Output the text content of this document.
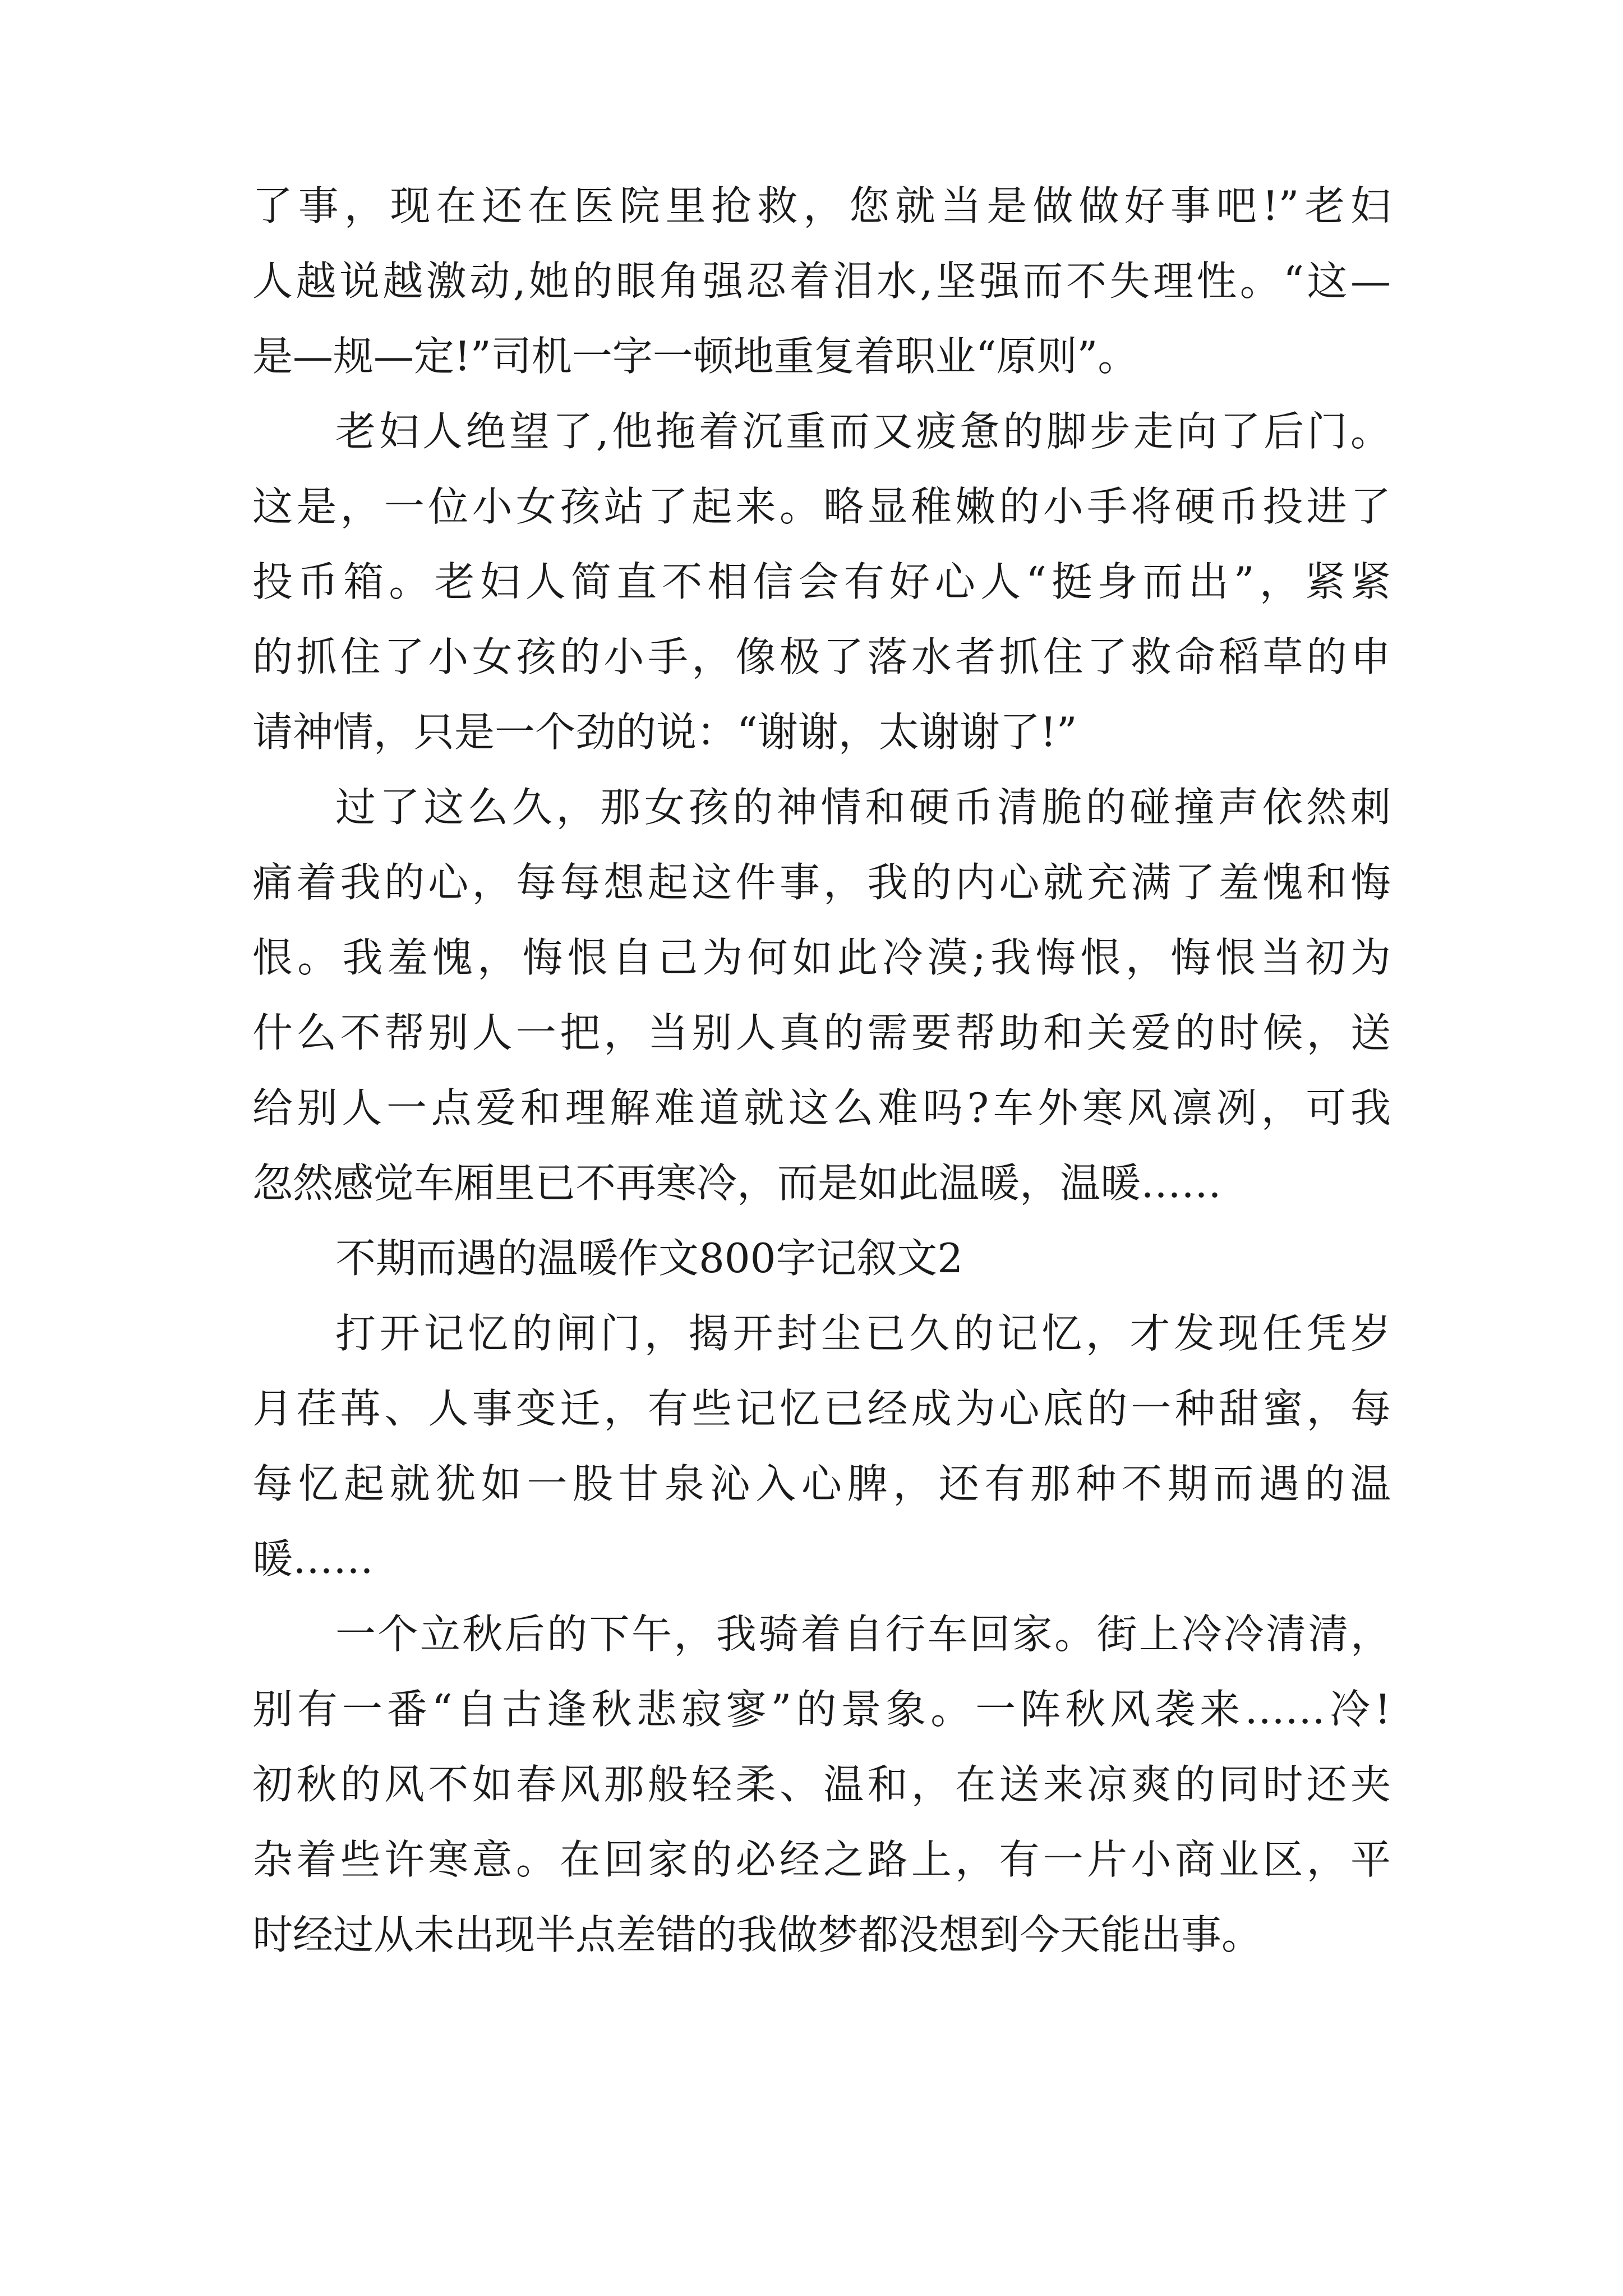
了事，现在还在医院里抢救，您就当是做做好事吧!”老妇
人越说越激动,她的眼角强忍着泪水,坚强而不失理性。“这—
是—规—定!”司机一字一顿地重复着职业“原则”。
老妇人绝望了,他拖着沉重而又疲惫的脚步走向了后门。
这是，一位小女孩站了起来。略显稚嫩的小手将硬币投进了
投币箱。老妇人简直不相信会有好心人“挺身而出”，紧紧
的抓住了小女孩的小手，像极了落水者抓住了救命稻草的申
请神情，只是一个劲的说：“谢谢，太谢谢了!”
过了这么久，那女孩的神情和硬币清脆的碰撞声依然刺
痛着我的心，每每想起这件事，我的内心就充满了羞愧和悔
恨。我羞愧，悔恨自己为何如此冷漠;我悔恨，悔恨当初为
什么不帮别人一把，当别人真的需要帮助和关爱的时候，送
给别人一点爱和理解难道就这么难吗?车外寒风凛冽，可我
忽然感觉车厢里已不再寒冷，而是如此温暖，温暖……
不期而遇的温暖作文800字记叙文2
打开记忆的闸门，揭开封尘已久的记忆，才发现任凭岁
月荏苒、人事变迁，有些记忆已经成为心底的一种甜蜜，每
每忆起就犹如一股甘泉沁入心脾，还有那种不期而遇的温
暖……
一个立秋后的下午，我骑着自行车回家。街上冷冷清清，
别有一番“自古逢秋悲寂寥”的景象。一阵秋风袭来……冷!
初秋的风不如春风那般轻柔、温和，在送来凉爽的同时还夹
杂着些许寒意。在回家的必经之路上，有一片小商业区，平
时经过从未出现半点差错的我做梦都没想到今天能出事。
